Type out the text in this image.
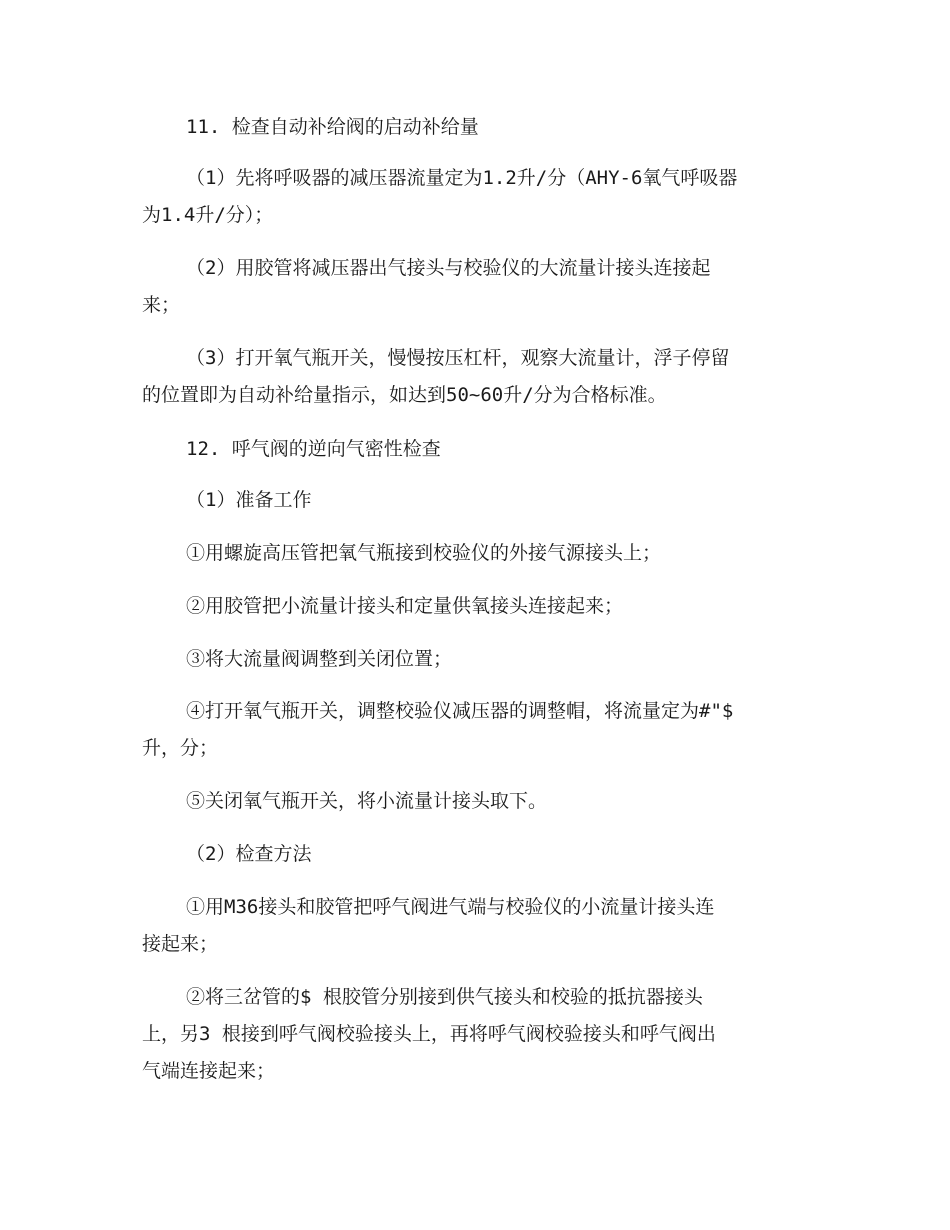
11. 检查自动补给阀的启动补给量

（1）先将呼吸器的减压器流量定为1.2升/分（AHY-6氧气呼吸器
为1.4升/分）；

（2）用胶管将减压器出气接头与校验仪的大流量计接头连接起
来；

（3）打开氧气瓶开关，慢慢按压杠杆，观察大流量计，浮子停留
的位置即为自动补给量指示，如达到50~60升/分为合格标准。

12. 呼气阀的逆向气密性检查

（1）准备工作

①用螺旋高压管把氧气瓶接到校验仪的外接气源接头上；

②用胶管把小流量计接头和定量供氧接头连接起来；

③将大流量阀调整到关闭位置；

④打开氧气瓶开关，调整校验仪减压器的调整帽，将流量定为#"$
升，分；

⑤关闭氧气瓶开关，将小流量计接头取下。

（2）检查方法

①用M36接头和胶管把呼气阀进气端与校验仪的小流量计接头连
接起来；

②将三岔管的$ 根胶管分别接到供气接头和校验的抵抗器接头
上，另3 根接到呼气阀校验接头上，再将呼气阀校验接头和呼气阀出
气端连接起来；
